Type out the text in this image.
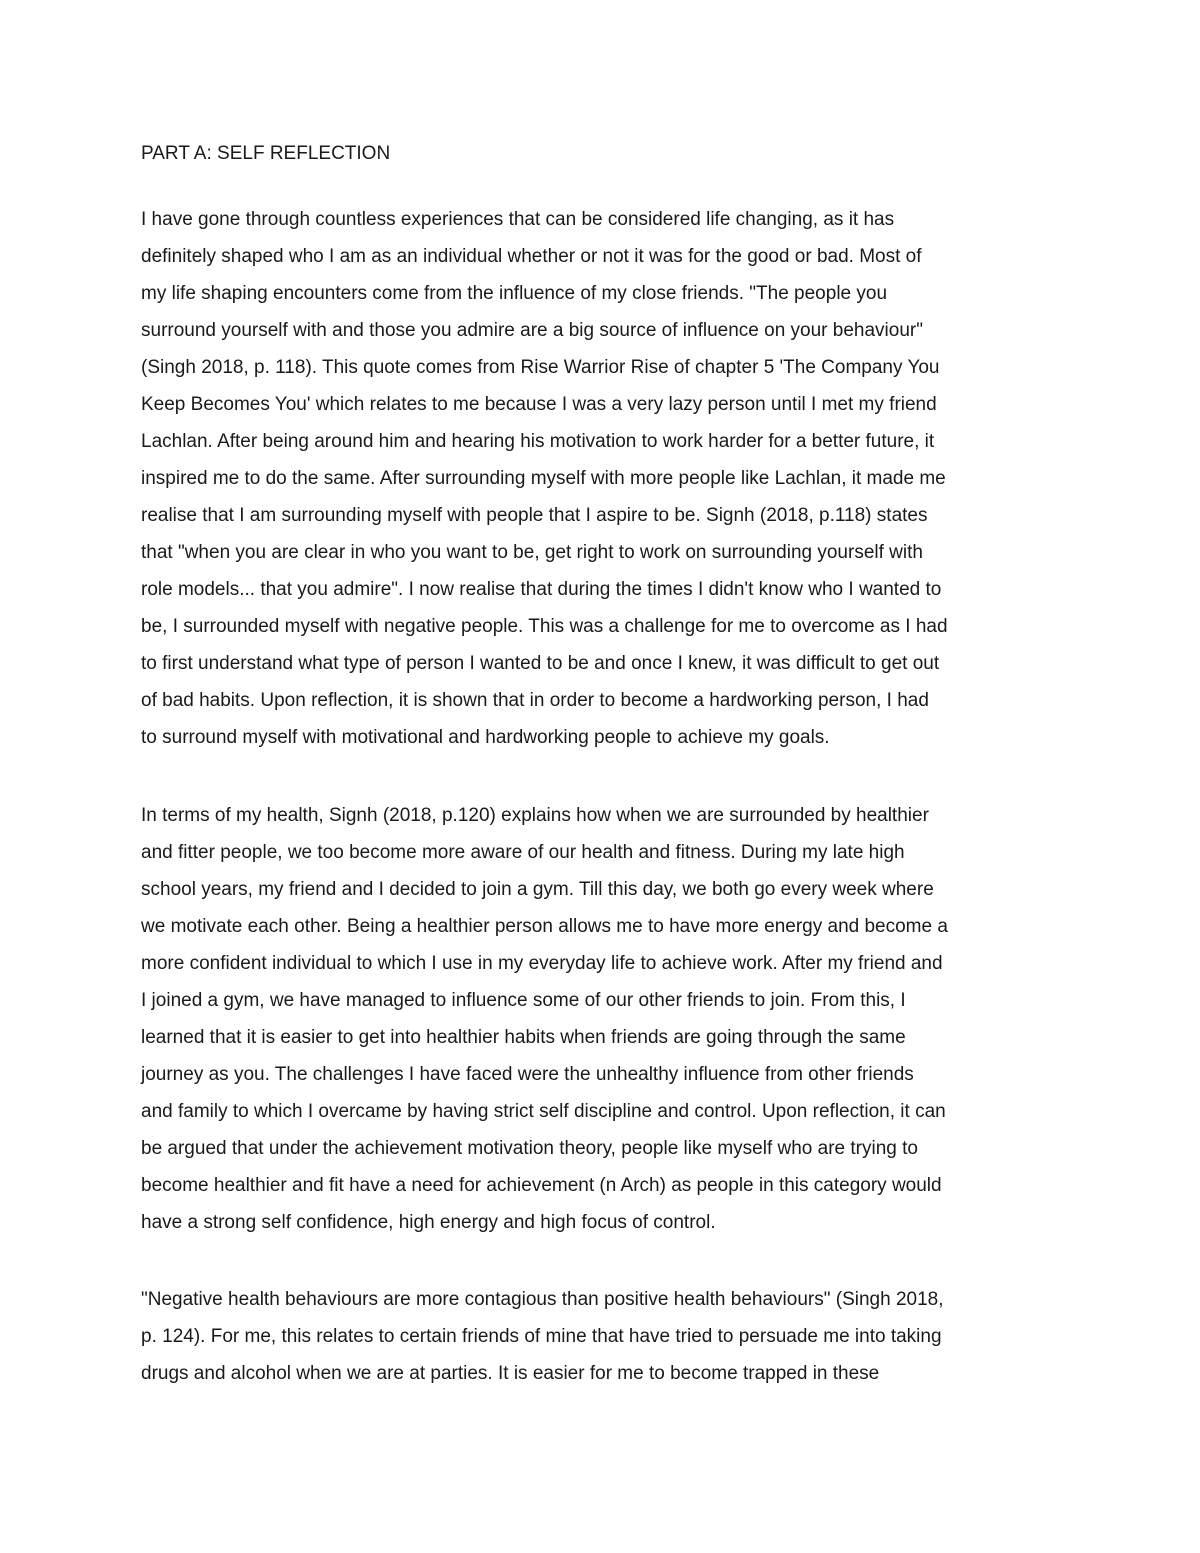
PART A: SELF REFLECTION
I have gone through countless experiences that can be considered life changing, as it has
definitely shaped who I am as an individual whether or not it was for the good or bad. Most of
my life shaping encounters come from the influence of my close friends. "The people you
surround yourself with and those you admire are a big source of influence on your behaviour"
(Singh 2018, p. 118). This quote comes from Rise Warrior Rise of chapter 5 'The Company You
Keep Becomes You' which relates to me because I was a very lazy person until I met my friend
Lachlan. After being around him and hearing his motivation to work harder for a better future, it
inspired me to do the same. After surrounding myself with more people like Lachlan, it made me
realise that I am surrounding myself with people that I aspire to be. Signh (2018, p.118) states
that "when you are clear in who you want to be, get right to work on surrounding yourself with
role models... that you admire". I now realise that during the times I didn't know who I wanted to
be, I surrounded myself with negative people. This was a challenge for me to overcome as I had
to first understand what type of person I wanted to be and once I knew, it was difficult to get out
of bad habits. Upon reflection, it is shown that in order to become a hardworking person, I had
to surround myself with motivational and hardworking people to achieve my goals.
In terms of my health, Signh (2018, p.120) explains how when we are surrounded by healthier
and fitter people, we too become more aware of our health and fitness. During my late high
school years, my friend and I decided to join a gym. Till this day, we both go every week where
we motivate each other. Being a healthier person allows me to have more energy and become a
more confident individual to which I use in my everyday life to achieve work. After my friend and
I joined a gym, we have managed to influence some of our other friends to join. From this, I
learned that it is easier to get into healthier habits when friends are going through the same
journey as you. The challenges I have faced were the unhealthy influence from other friends
and family to which I overcame by having strict self discipline and control. Upon reflection, it can
be argued that under the achievement motivation theory, people like myself who are trying to
become healthier and fit have a need for achievement (n Arch) as people in this category would
have a strong self confidence, high energy and high focus of control.
"Negative health behaviours are more contagious than positive health behaviours" (Singh 2018,
p. 124). For me, this relates to certain friends of mine that have tried to persuade me into taking
drugs and alcohol when we are at parties. It is easier for me to become trapped in these
